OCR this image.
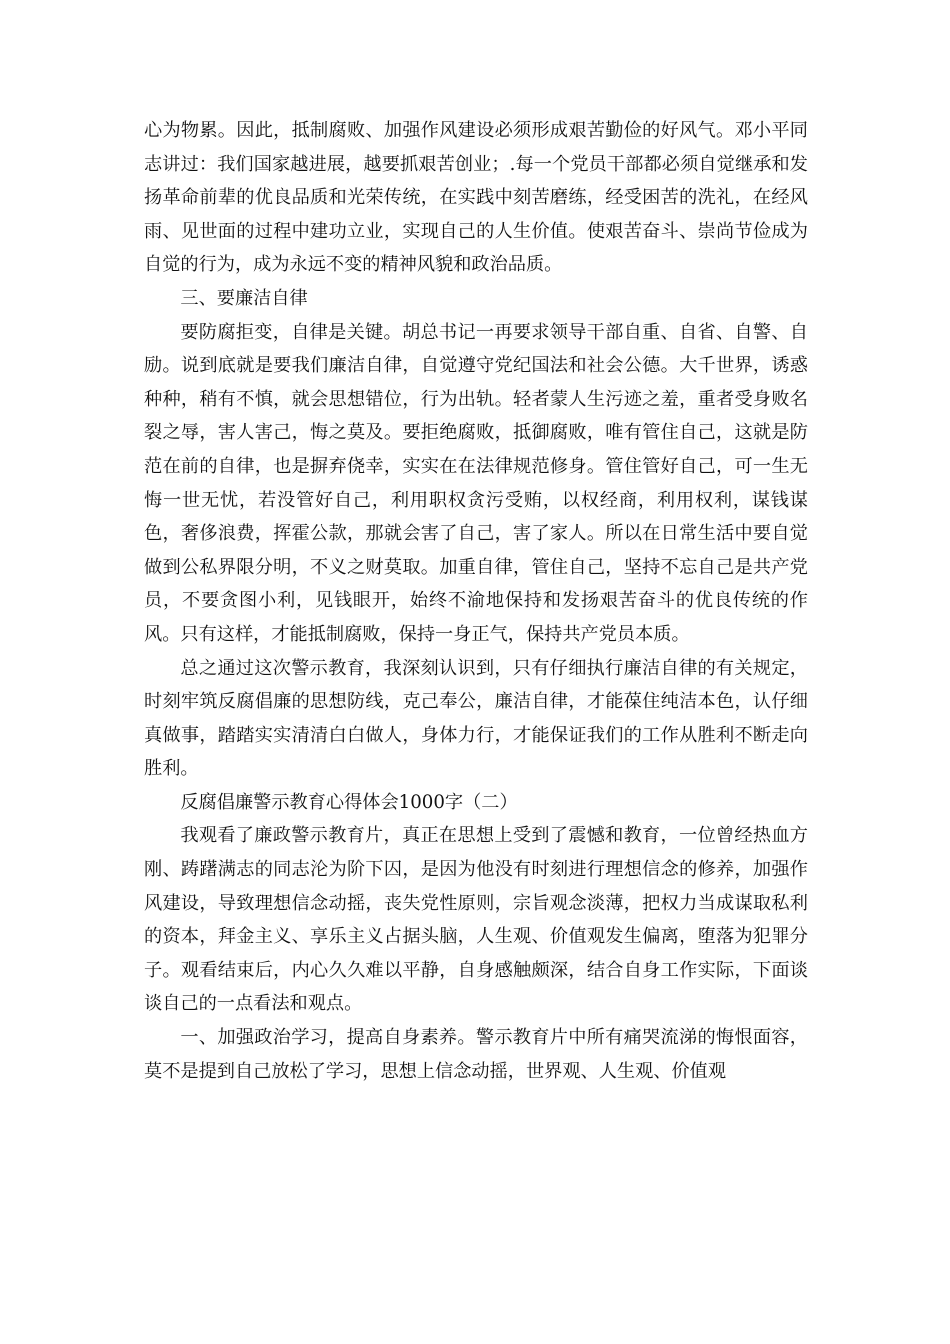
心为物累。因此，抵制腐败、加强作风建设必须形成艰苦勤俭的好风气。邓小平同志讲过：我们国家越进展，越要抓艰苦创业；.每一个党员干部都必须自觉继承和发扬革命前辈的优良品质和光荣传统，在实践中刻苦磨练，经受困苦的洗礼，在经风雨、见世面的过程中建功立业，实现自己的人生价值。使艰苦奋斗、崇尚节俭成为自觉的行为，成为永远不变的精神风貌和政治品质。

三、要廉洁自律

要防腐拒变，自律是关键。胡总书记一再要求领导干部自重、自省、自警、自励。说到底就是要我们廉洁自律，自觉遵守党纪国法和社会公德。大千世界，诱惑种种，稍有不慎，就会思想错位，行为出轨。轻者蒙人生污迹之羞，重者受身败名裂之辱，害人害己，悔之莫及。要拒绝腐败，抵御腐败，唯有管住自己，这就是防范在前的自律，也是摒弃侥幸，实实在在法律规范修身。管住管好自己，可一生无悔一世无忧，若没管好自己，利用职权贪污受贿，以权经商，利用权利，谋钱谋色，奢侈浪费，挥霍公款，那就会害了自己，害了家人。所以在日常生活中要自觉做到公私界限分明，不义之财莫取。加重自律，管住自己，坚持不忘自己是共产党员，不要贪图小利，见钱眼开，始终不渝地保持和发扬艰苦奋斗的优良传统的作风。只有这样，才能抵制腐败，保持一身正气，保持共产党员本质。

总之通过这次警示教育，我深刻认识到，只有仔细执行廉洁自律的有关规定，时刻牢筑反腐倡廉的思想防线，克己奉公，廉洁自律，才能葆住纯洁本色，认仔细真做事，踏踏实实清清白白做人，身体力行，才能保证我们的工作从胜利不断走向胜利。

反腐倡廉警示教育心得体会1000字（二）

我观看了廉政警示教育片，真正在思想上受到了震憾和教育，一位曾经热血方刚、踌躇满志的同志沦为阶下囚，是因为他没有时刻进行理想信念的修养，加强作风建设，导致理想信念动摇，丧失党性原则，宗旨观念淡薄，把权力当成谋取私利的资本，拜金主义、享乐主义占据头脑，人生观、价值观发生偏离，堕落为犯罪分子。观看结束后，内心久久难以平静，自身感触颇深，结合自身工作实际，下面谈谈自己的一点看法和观点。

一、加强政治学习，提高自身素养。警示教育片中所有痛哭流涕的悔恨面容，莫不是提到自己放松了学习，思想上信念动摇，世界观、人生观、价值观
